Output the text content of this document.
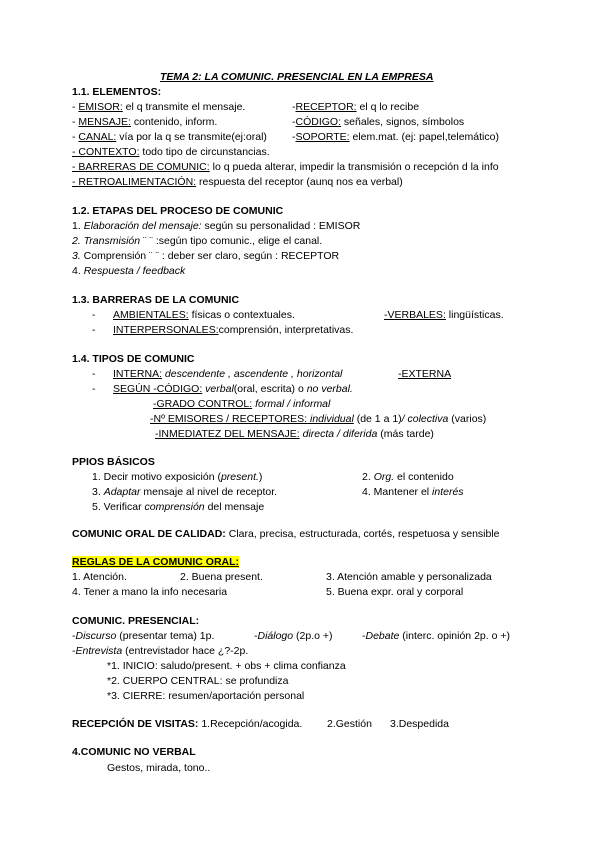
TEMA 2: LA COMUNIC. PRESENCIAL EN LA EMPRESA
1.1. ELEMENTOS:
- EMISOR: el q transmite el mensaje.	-RECEPTOR: el q lo recibe
- MENSAJE: contenido, inform.	-CÓDIGO: señales, signos, símbolos
- CANAL: vía por la q se transmite(ej:oral) -SOPORTE: elem.mat. (ej: papel,telemático)
- CONTEXTO: todo tipo de circunstancias.
- BARRERAS DE COMUNIC: lo q pueda alterar, impedir la transmisión o recepción d la info
- RETROALIMENTACIÓN: respuesta del receptor (aunq nos ea verbal)
1.2. ETAPAS DEL PROCESO DE COMUNIC
1. Elaboración del mensaje: según su personalidad : EMISOR
2. Transmisión ¨ ¨ :según tipo comunic., elige el canal.
3. Comprensión ¨ ¨ : deber ser claro, según : RECEPTOR
4. Respuesta / feedback
1.3. BARRERAS DE LA COMUNIC
-      AMBIENTALES: físicas o contextuales.	-VERBALES: lingüísticas.
-      INTERPERSONALES:comprensión, interpretativas.
1.4. TIPOS DE COMUNIC
-      INTERNA: descendente , ascendente , horizontal	-EXTERNA
-      SEGÚN -CÓDIGO: verbal(oral, escrita) o no verbal.
-GRADO CONTROL: formal / informal
-Nº EMISORES / RECEPTORES: individual (de 1 a 1)/ colectiva (varios)
-INMEDIATEZ DEL MENSAJE: directa / diferida (más tarde)
PPIOS BÁSICOS
1. Decir motivo exposición (present.)	2. Org. el contenido
3. Adaptar mensaje al nivel de receptor.	4. Mantener el interés
5. Verificar comprensión del mensaje
COMUNIC ORAL DE CALIDAD: Clara, precisa, estructurada, cortés, respetuosa y sensible
REGLAS DE LA COMUNIC ORAL:
1. Atención.	2. Buena present.	3. Atención amable y personalizada
4. Tener a mano la info necesaria	5. Buena expr. oral y corporal
COMUNIC. PRESENCIAL:
-Discurso (presentar tema) 1p.	-Diálogo (2p.o +)	-Debate (interc. opinión 2p. o +)
-Entrevista (entrevistador hace ¿?-2p.
*1. INICIO: saludo/present. + obs + clima confianza
*2. CUERPO CENTRAL: se profundiza
*3. CIERRE: resumen/aportación personal
RECEPCIÓN DE VISITAS: 1.Recepción/acogida. 2.Gestión 3.Despedida
4.COMUNIC NO VERBAL
Gestos, mirada, tono..
